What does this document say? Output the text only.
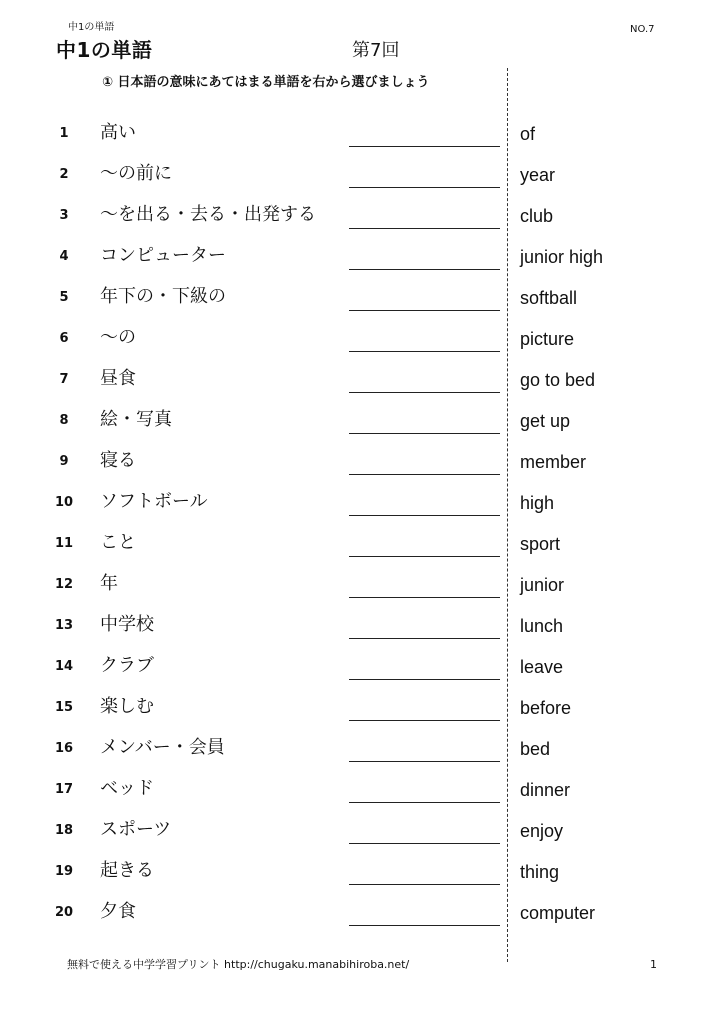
中1の単語	NO.7
中1の単語	第7回
① 日本語の意味にあてはまる単語を右から選びましょう
1	高い	of
2	～の前に	year
3	～を出る・去る・出発する	club
4	コンピューター	junior high
5	年下の・下級の	softball
6	～の	picture
7	昼食	go to bed
8	絵・写真	get up
9	寝る	member
10	ソフトボール	high
11	こと	sport
12	年	junior
13	中学校	lunch
14	クラブ	leave
15	楽しむ	before
16	メンバー・会員	bed
17	ベッド	dinner
18	スポーツ	enjoy
19	起きる	thing
20	夕食	computer
無料で使える中学学習プリント http://chugaku.manabihiroba.net/	1
